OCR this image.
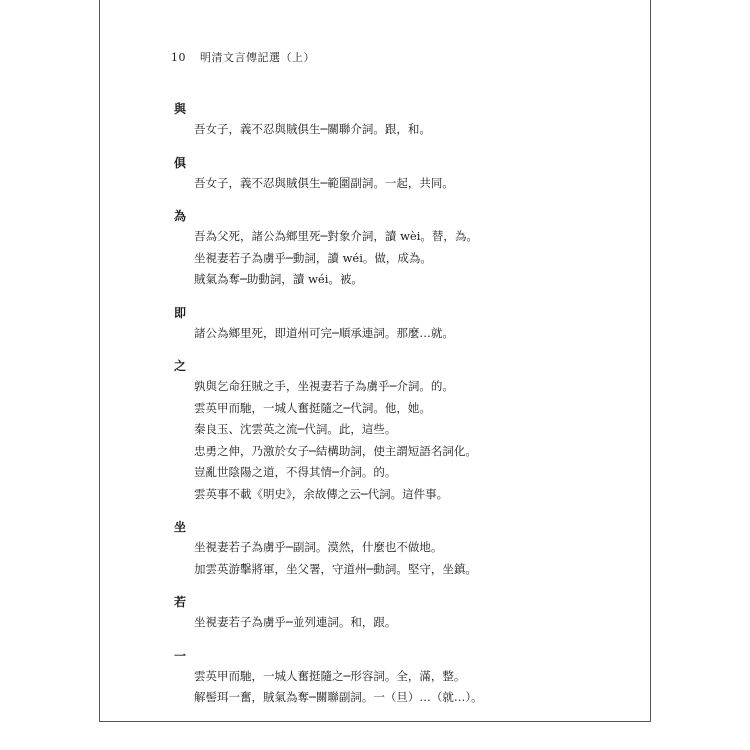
10 明清文言傳記選（上）
與
吾女子，義不忍與賊俱生─關聯介詞。跟，和。
俱
吾女子，義不忍與賊俱生─範圍副詞。一起，共同。
為
吾為父死，諸公為鄉里死─對象介詞，讀 wèi。替，為。
坐視妻若子為虜乎─動詞，讀 wéi。做，成為。
賊氣為奪─助動詞，讀 wéi。被。
即
諸公為鄉里死，即道州可完─順承連詞。那麼…就。
之
孰與乞命狂賊之手，坐視妻若子為虜乎─介詞。的。
雲英甲而馳，一城人奮挺隨之─代詞。他，她。
秦良玉、沈雲英之流─代詞。此，這些。
忠勇之伸，乃激於女子─結構助詞，使主謂短語名詞化。
豈亂世陰陽之道，不得其情─介詞。的。
雲英事不載《明史》，余故傳之云─代詞。這件事。
坐
坐視妻若子為虜乎─副詞。漠然，什麼也不做地。
加雲英游擊將軍，坐父署，守道州─動詞。堅守，坐鎮。
若
坐視妻若子為虜乎─並列連詞。和，跟。
一
雲英甲而馳，一城人奮挺隨之─形容詞。全，滿，整。
解髻珥一奮，賊氣為奪─關聯副詞。一（旦）…（就…）。
